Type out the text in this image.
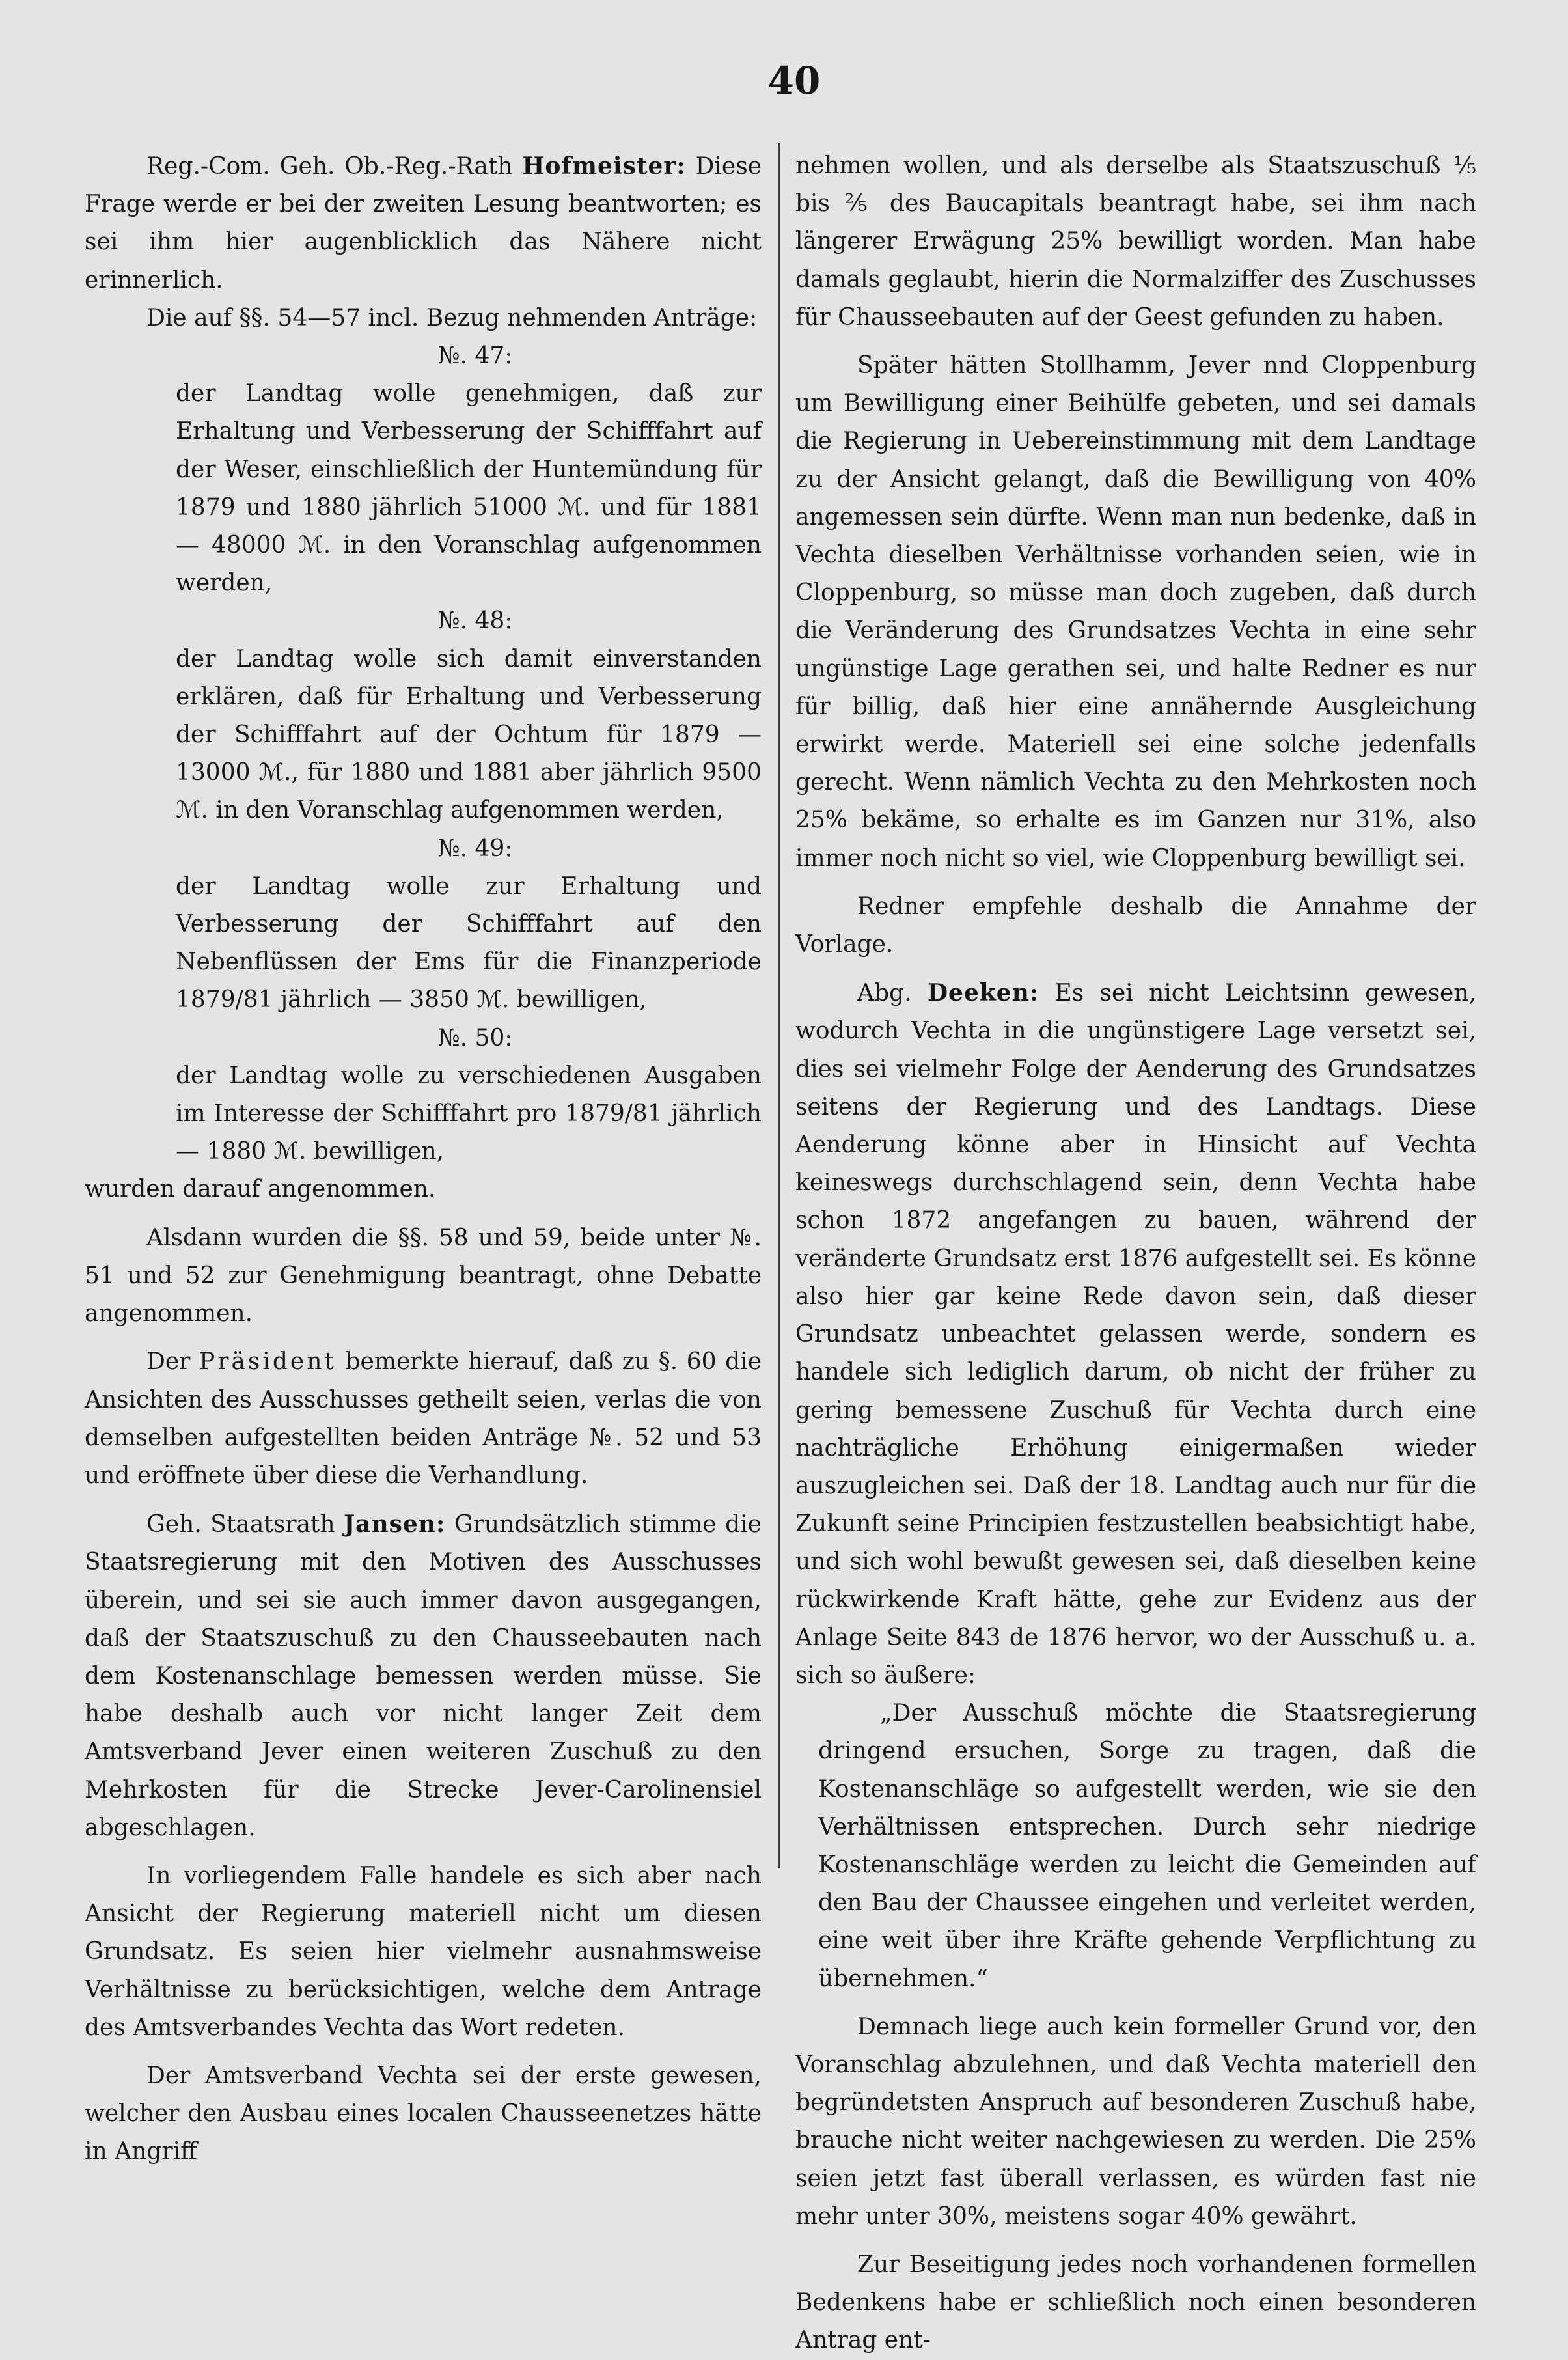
40

Reg.-Com. Geh. Ob.-Reg.-Rath Hofmeister: Diese Frage werde er bei der zweiten Lesung beantworten; es sei ihm hier augenblicklich das Nähere nicht erinnerlich.

Die auf §§. 54—57 incl. Bezug nehmenden Anträge:

№. 47:

der Landtag wolle genehmigen, daß zur Erhaltung und Verbesserung der Schifffahrt auf der Weser, einschließlich der Huntemündung für 1879 und 1880 jährlich 51000 ℳ. und für 1881 — 48000 ℳ. in den Voranschlag aufgenommen werden,

№. 48:

der Landtag wolle sich damit einverstanden erklären, daß für Erhaltung und Verbesserung der Schifffahrt auf der Ochtum für 1879 — 13000 ℳ., für 1880 und 1881 aber jährlich 9500 ℳ. in den Voranschlag aufgenommen werden,

№. 49:

der Landtag wolle zur Erhaltung und Verbesserung der Schifffahrt auf den Nebenflüssen der Ems für die Finanzperiode 1879/81 jährlich — 3850 ℳ. bewilligen,

№. 50:

der Landtag wolle zu verschiedenen Ausgaben im Interesse der Schifffahrt pro 1879/81 jährlich — 1880 ℳ. bewilligen,

wurden darauf angenommen.

Alsdann wurden die §§. 58 und 59, beide unter №. 51 und 52 zur Genehmigung beantragt, ohne Debatte angenommen.

Der Präsident bemerkte hierauf, daß zu §. 60 die Ansichten des Ausschusses getheilt seien, verlas die von demselben aufgestellten beiden Anträge №. 52 und 53 und eröffnete über diese die Verhandlung.

Geh. Staatsrath Jansen: Grundsätzlich stimme die Staatsregierung mit den Motiven des Ausschusses überein, und sei sie auch immer davon ausgegangen, daß der Staatszuschuß zu den Chausseebauten nach dem Kostenanschlage bemessen werden müsse. Sie habe deshalb auch vor nicht langer Zeit dem Amtsverband Jever einen weiteren Zuschuß zu den Mehrkosten für die Strecke Jever-Carolinensiel abgeschlagen.

In vorliegendem Falle handele es sich aber nach Ansicht der Regierung materiell nicht um diesen Grundsatz. Es seien hier vielmehr ausnahmsweise Verhältnisse zu berücksichtigen, welche dem Antrage des Amtsverbandes Vechta das Wort redeten.

Der Amtsverband Vechta sei der erste gewesen, welcher den Ausbau eines localen Chausseenetzes hätte in Angriff

nehmen wollen, und als derselbe als Staatszuschuß ⅕ bis ⅖ des Baucapitals beantragt habe, sei ihm nach längerer Erwägung 25% bewilligt worden. Man habe damals geglaubt, hierin die Normalziffer des Zuschusses für Chausseebauten auf der Geest gefunden zu haben.

Später hätten Stollhamm, Jever nnd Cloppenburg um Bewilligung einer Beihülfe gebeten, und sei damals die Regierung in Uebereinstimmung mit dem Landtage zu der Ansicht gelangt, daß die Bewilligung von 40% angemessen sein dürfte. Wenn man nun bedenke, daß in Vechta dieselben Verhältnisse vorhanden seien, wie in Cloppenburg, so müsse man doch zugeben, daß durch die Veränderung des Grundsatzes Vechta in eine sehr ungünstige Lage gerathen sei, und halte Redner es nur für billig, daß hier eine annähernde Ausgleichung erwirkt werde. Materiell sei eine solche jedenfalls gerecht. Wenn nämlich Vechta zu den Mehrkosten noch 25% bekäme, so erhalte es im Ganzen nur 31%, also immer noch nicht so viel, wie Cloppenburg bewilligt sei.

Redner empfehle deshalb die Annahme der Vorlage.

Abg. Deeken: Es sei nicht Leichtsinn gewesen, wodurch Vechta in die ungünstigere Lage versetzt sei, dies sei vielmehr Folge der Aenderung des Grundsatzes seitens der Regierung und des Landtags. Diese Aenderung könne aber in Hinsicht auf Vechta keineswegs durchschlagend sein, denn Vechta habe schon 1872 angefangen zu bauen, während der veränderte Grundsatz erst 1876 aufgestellt sei. Es könne also hier gar keine Rede davon sein, daß dieser Grundsatz unbeachtet gelassen werde, sondern es handele sich lediglich darum, ob nicht der früher zu gering bemessene Zuschuß für Vechta durch eine nachträgliche Erhöhung einigermaßen wieder auszugleichen sei. Daß der 18. Landtag auch nur für die Zukunft seine Principien festzustellen beabsichtigt habe, und sich wohl bewußt gewesen sei, daß dieselben keine rückwirkende Kraft hätte, gehe zur Evidenz aus der Anlage Seite 843 de 1876 hervor, wo der Ausschuß u. a. sich so äußere:

„Der Ausschuß möchte die Staatsregierung dringend ersuchen, Sorge zu tragen, daß die Kostenanschläge so aufgestellt werden, wie sie den Verhältnissen entsprechen. Durch sehr niedrige Kostenanschläge werden zu leicht die Gemeinden auf den Bau der Chaussee eingehen und verleitet werden, eine weit über ihre Kräfte gehende Verpflichtung zu übernehmen.“

Demnach liege auch kein formeller Grund vor, den Voranschlag abzulehnen, und daß Vechta materiell den begründetsten Anspruch auf besonderen Zuschuß habe, brauche nicht weiter nachgewiesen zu werden. Die 25% seien jetzt fast überall verlassen, es würden fast nie mehr unter 30%, meistens sogar 40% gewährt.

Zur Beseitigung jedes noch vorhandenen formellen Bedenkens habe er schließlich noch einen besonderen Antrag ent-
